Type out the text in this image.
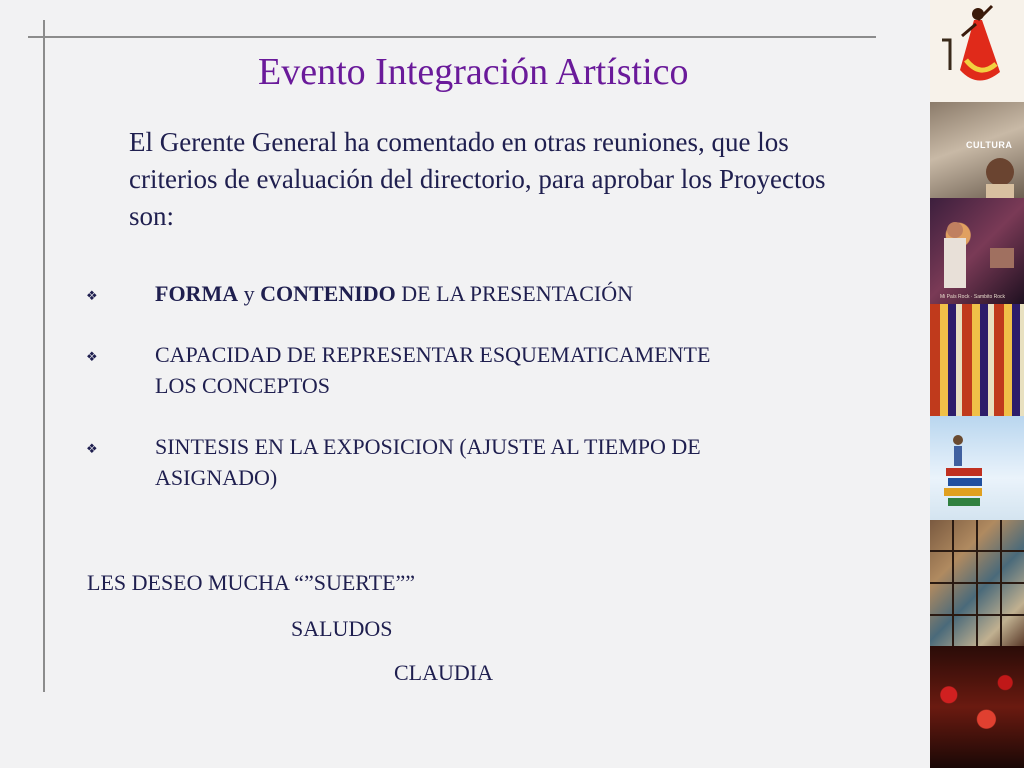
Evento Integración Artístico

El Gerente General ha comentado en otras reuniones, que los criterios de evaluación del directorio, para aprobar los Proyectos son:

❖	FORMA y CONTENIDO DE LA PRESENTACIÓN
❖	CAPACIDAD DE REPRESENTAR ESQUEMATICAMENTE
LOS CONCEPTOS
❖	SINTESIS EN LA EXPOSICION (AJUSTE AL TIEMPO DE
ASIGNADO)

LES DESEO MUCHA “”SUERTE””

SALUDOS

CLAUDIA

CULTURA
Mi País Rock · Sambito Rock
